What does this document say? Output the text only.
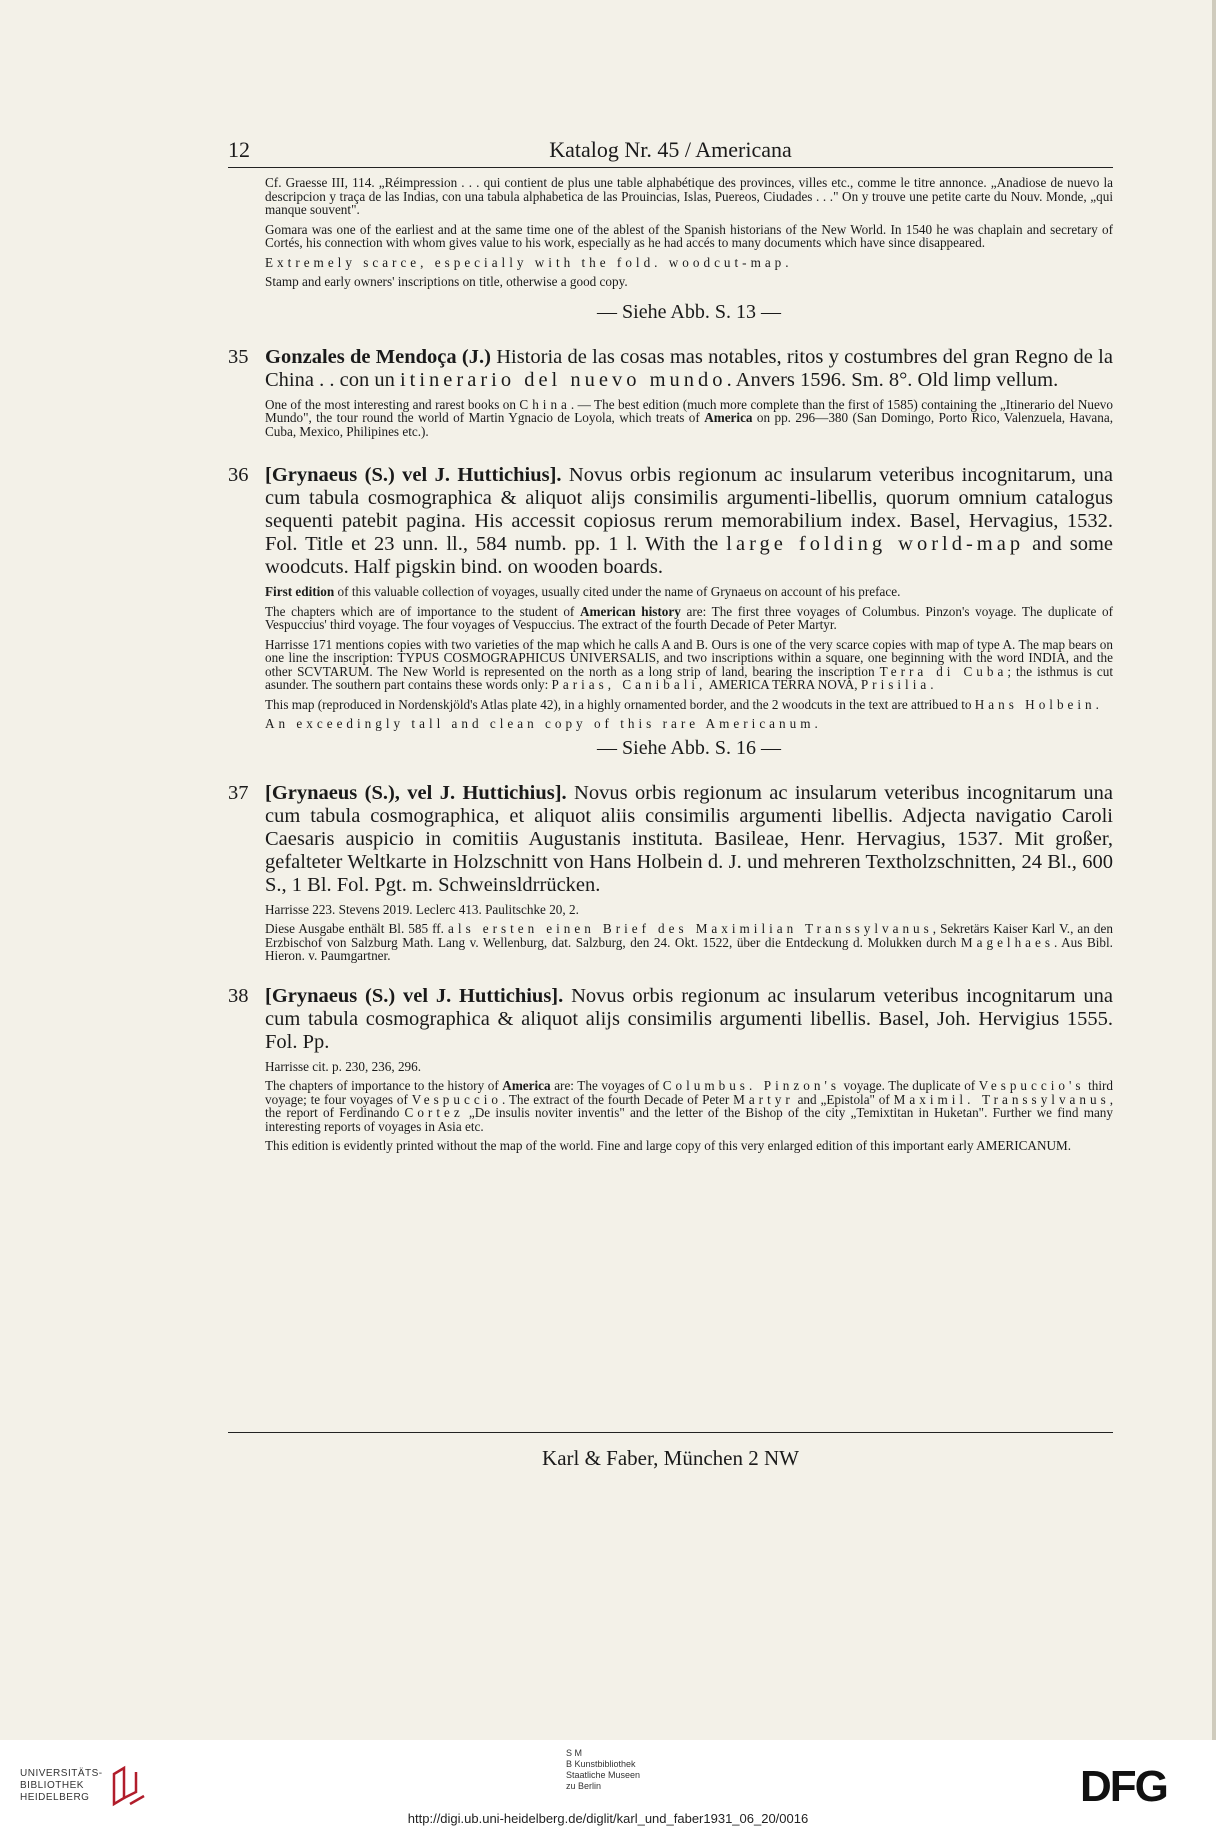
12	Katalog Nr. 45 / Americana

Cf. Graesse III, 114. „Réimpression . . . qui contient de plus une table alphabétique des provinces, villes etc., comme le titre annonce. „Anadiose de nuevo la descripcion y traça de las Indias, con una tabula alphabetica de las Prouincias, Islas, Puereos, Ciudades . . ." On y trouve une petite carte du Nouv. Monde, „qui manque souvent".

Gomara was one of the earliest and at the same time one of the ablest of the Spanish historians of the New World. In 1540 he was chaplain and secretary of Cortés, his connection with whom gives value to his work, especially as he had accés to many documents which have since disappeared.

Extremely scarce, especially with the fold. woodcut-map.

Stamp and early owners' inscriptions on title, otherwise a good copy.

— Siehe Abb. S. 13 —

35 Gonzales de Mendoça (J.) Historia de las cosas mas notables, ritos y costumbres del gran Regno de la China . . con un itinerario del nuevo mundo. Anvers 1596. Sm. 8°. Old limp vellum.

One of the most interesting and rarest books on China. — The best edition (much more complete than the first of 1585) containing the „Itinerario del Nuevo Mundo", the tour round the world of Martin Ygnacio de Loyola, which treats of America on pp. 296—380 (San Domingo, Porto Rico, Valenzuela, Havana, Cuba, Mexico, Philipines etc.).

36 [Grynaeus (S.) vel J. Huttichius]. Novus orbis regionum ac insularum veteribus incognitarum, una cum tabula cosmographica & aliquot alijs consimilis argumenti-libellis, quorum omnium catalogus sequenti patebit pagina. His accessit copiosus rerum memorabilium index. Basel, Hervagius, 1532. Fol. Title et 23 unn. ll., 584 numb. pp. 1 l. With the large folding world-map and some woodcuts. Half pigskin bind. on wooden boards.

First edition of this valuable collection of voyages, usually cited under the name of Grynaeus on account of his preface.

The chapters which are of importance to the student of American history are: The first three voyages of Columbus. Pinzon's voyage. The duplicate of Vespuccius' third voyage. The four voyages of Vespuccius. The extract of the fourth Decade of Peter Martyr.

Harrisse 171 mentions copies with two varieties of the map which he calls A and B. Ours is one of the very scarce copies with map of type A. The map bears on one line the inscription: TYPUS COSMOGRAPHICUS UNIVERSALIS, and two inscriptions within a square, one beginning with the word INDIA, and the other SCVTARUM. The New World is represented on the north as a long strip of land, bearing the inscription Terra di Cuba; the isthmus is cut asunder. The southern part contains these words only: Parias, Canibali, AMERICA TERRA NOVA, Prisilia.

This map (reproduced in Nordenskjöld's Atlas plate 42), in a highly ornamented border, and the 2 woodcuts in the text are attribued to Hans Holbein.

An exceedingly tall and clean copy of this rare Americanum.

— Siehe Abb. S. 16 —

37 [Grynaeus (S.), vel J. Huttichius]. Novus orbis regionum ac insularum veteribus incognitarum una cum tabula cosmographica, et aliquot aliis consimilis argumenti libellis. Adjecta navigatio Caroli Caesaris auspicio in comitiis Augustanis instituta. Basileae, Henr. Hervagius, 1537. Mit großer, gefalteter Weltkarte in Holzschnitt von Hans Holbein d. J. und mehreren Textholzschnitten, 24 Bl., 600 S., 1 Bl. Fol. Pgt. m. Schweinsldrrücken.

Harrisse 223. Stevens 2019. Leclerc 413. Paulitschke 20, 2.

Diese Ausgabe enthält Bl. 585 ff. als ersten einen Brief des Maximilian Transsylvanus, Sekretärs Kaiser Karl V., an den Erzbischof von Salzburg Math. Lang v. Wellenburg, dat. Salzburg, den 24. Okt. 1522, über die Entdeckung d. Molukken durch Magelhaes. Aus Bibl. Hieron. v. Paumgartner.

38 [Grynaeus (S.) vel J. Huttichius]. Novus orbis regionum ac insularum veteribus incognitarum una cum tabula cosmographica & aliquot alijs consimilis argumenti libellis. Basel, Joh. Hervigius 1555. Fol. Pp.

Harrisse cit. p. 230, 236, 296.

The chapters of importance to the history of America are: The voyages of Columbus. Pinzon's voyage. The duplicate of Vespuccio's third voyage; te four voyages of Vespuccio. The extract of the fourth Decade of Peter Martyr and „Epistola" of Maximil. Transsylvanus, the report of Ferdinando Cortez „De insulis noviter inventis" and the letter of the Bishop of the city „Temixtitan in Huketan". Further we find many interesting reports of voyages in Asia etc.

This edition is evidently printed without the map of the world. Fine and large copy of this very enlarged edition of this important early AMERICANUM.

Karl & Faber, München 2 NW
UNIVERSITÄTS-
BIBLIOTHEK
HEIDELBERG
S M
B Kunstbibliothek
Staatliche Museen
zu Berlin	DFG
http://digi.ub.uni-heidelberg.de/diglit/karl_und_faber1931_06_20/0016
